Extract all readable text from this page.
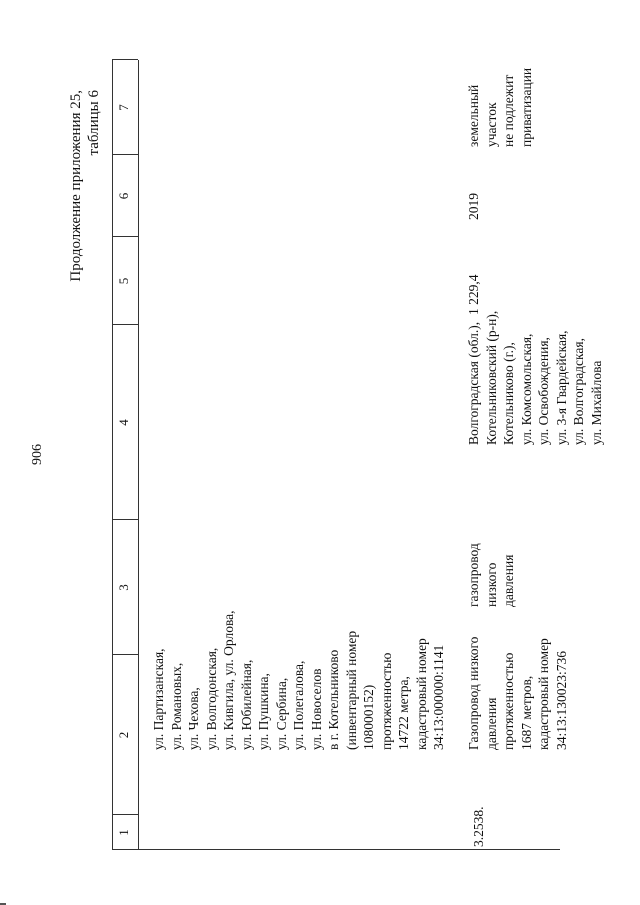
906
Продолжение приложения 25, таблицы 6
1
2
3
4
5
6
7
ул. Партизанская, ул. Романовых, ул. Чехова, ул. Волгодонская, ул. Кивгила, ул. Орлова, ул. Юбилейная, ул. Пушкина, ул. Сербина, ул. Полегалова, ул. Новоселов в г. Котельниково (инвентарный номер 108000152) протяженностью 14722 метра, кадастровый номер 34:13:000000:1141
3.2538.
Газопровод низкого давления протяженностью 1687 метров, кадастровый номер 34:13:130023:736
газопровод низкого давления
Волгоградская (обл.), Котельниковский (р-н), Котельниково (г.), ул. Комсомольская, ул. Освобождения, ул. 3-я Гвардейская, ул. Волгоградская, ул. Михайлова
1 229,4
2019
земельный участок не подлежит приватизации
